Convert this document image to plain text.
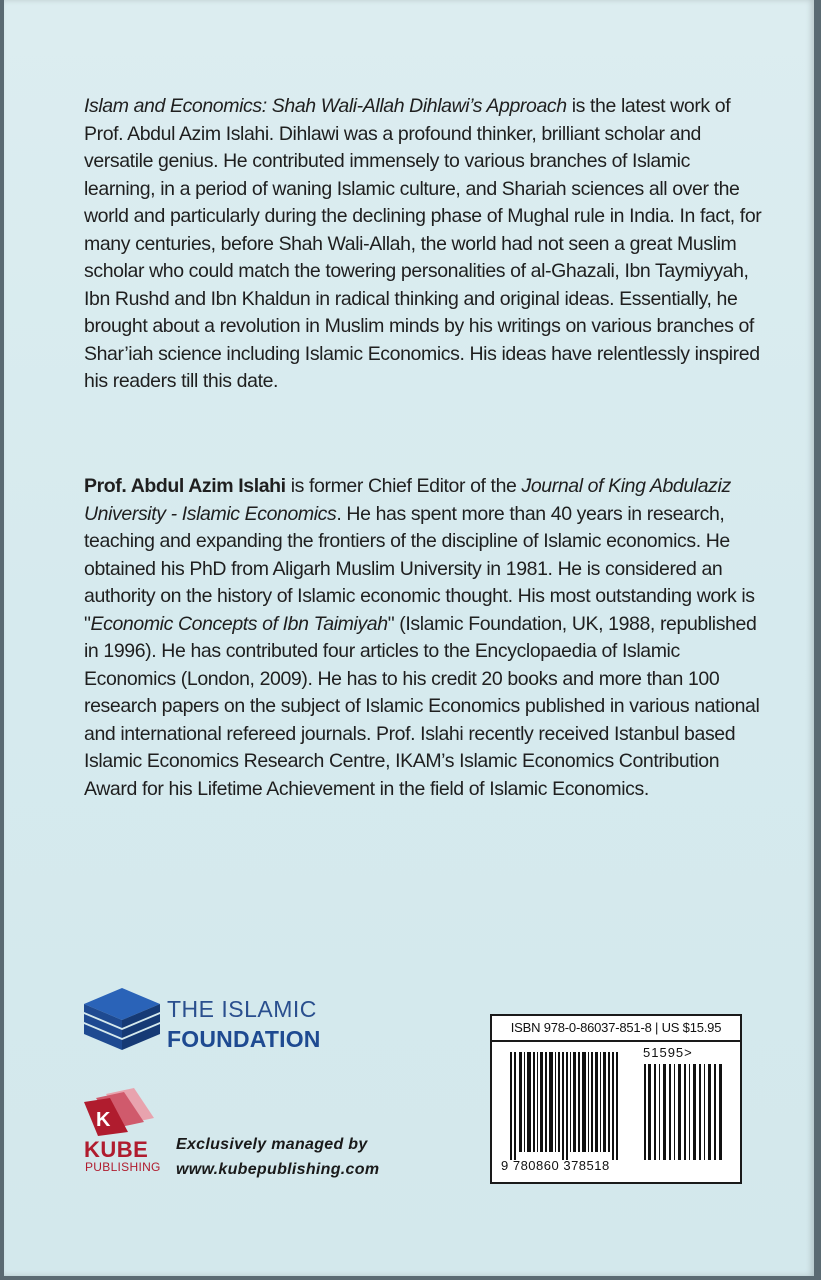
Islam and Economics: Shah Wali-Allah Dihlawi’s Approach is the latest work of Prof. Abdul Azim Islahi. Dihlawi was a profound thinker, brilliant scholar and versatile genius. He contributed immensely to various branches of Islamic learning, in a period of waning Islamic culture, and Shariah sciences all over the world and particularly during the declining phase of Mughal rule in India. In fact, for many centuries, before Shah Wali-Allah, the world had not seen a great Muslim scholar who could match the towering personalities of al-Ghazali, Ibn Taymiyyah, Ibn Rushd and Ibn Khaldun in radical thinking and original ideas. Essentially, he brought about a revolution in Muslim minds by his writings on various branches of Shar’iah science including Islamic Economics. His ideas have relentlessly inspired his readers till this date.
Prof. Abdul Azim Islahi is former Chief Editor of the Journal of King Abdulaziz University - Islamic Economics. He has spent more than 40 years in research, teaching and expanding the frontiers of the discipline of Islamic economics. He obtained his PhD from Aligarh Muslim University in 1981. He is considered an authority on the history of Islamic economic thought. His most outstanding work is "Economic Concepts of Ibn Taimiyah" (Islamic Foundation, UK, 1988, republished in 1996). He has contributed four articles to the Encyclopaedia of Islamic Economics (London, 2009). He has to his credit 20 books and more than 100 research papers on the subject of Islamic Economics published in various national and international refereed journals. Prof. Islahi recently received Istanbul based Islamic Economics Research Centre, IKAM’s Islamic Economics Contribution Award for his Lifetime Achievement in the field of Islamic Economics.
THE ISLAMIC
FOUNDATION
K
KUBE
PUBLISHING
Exclusively managed by
www.kubepublishing.com
ISBN 978-0-86037-851-8 | US $15.95
51595>
9 780860 378518
